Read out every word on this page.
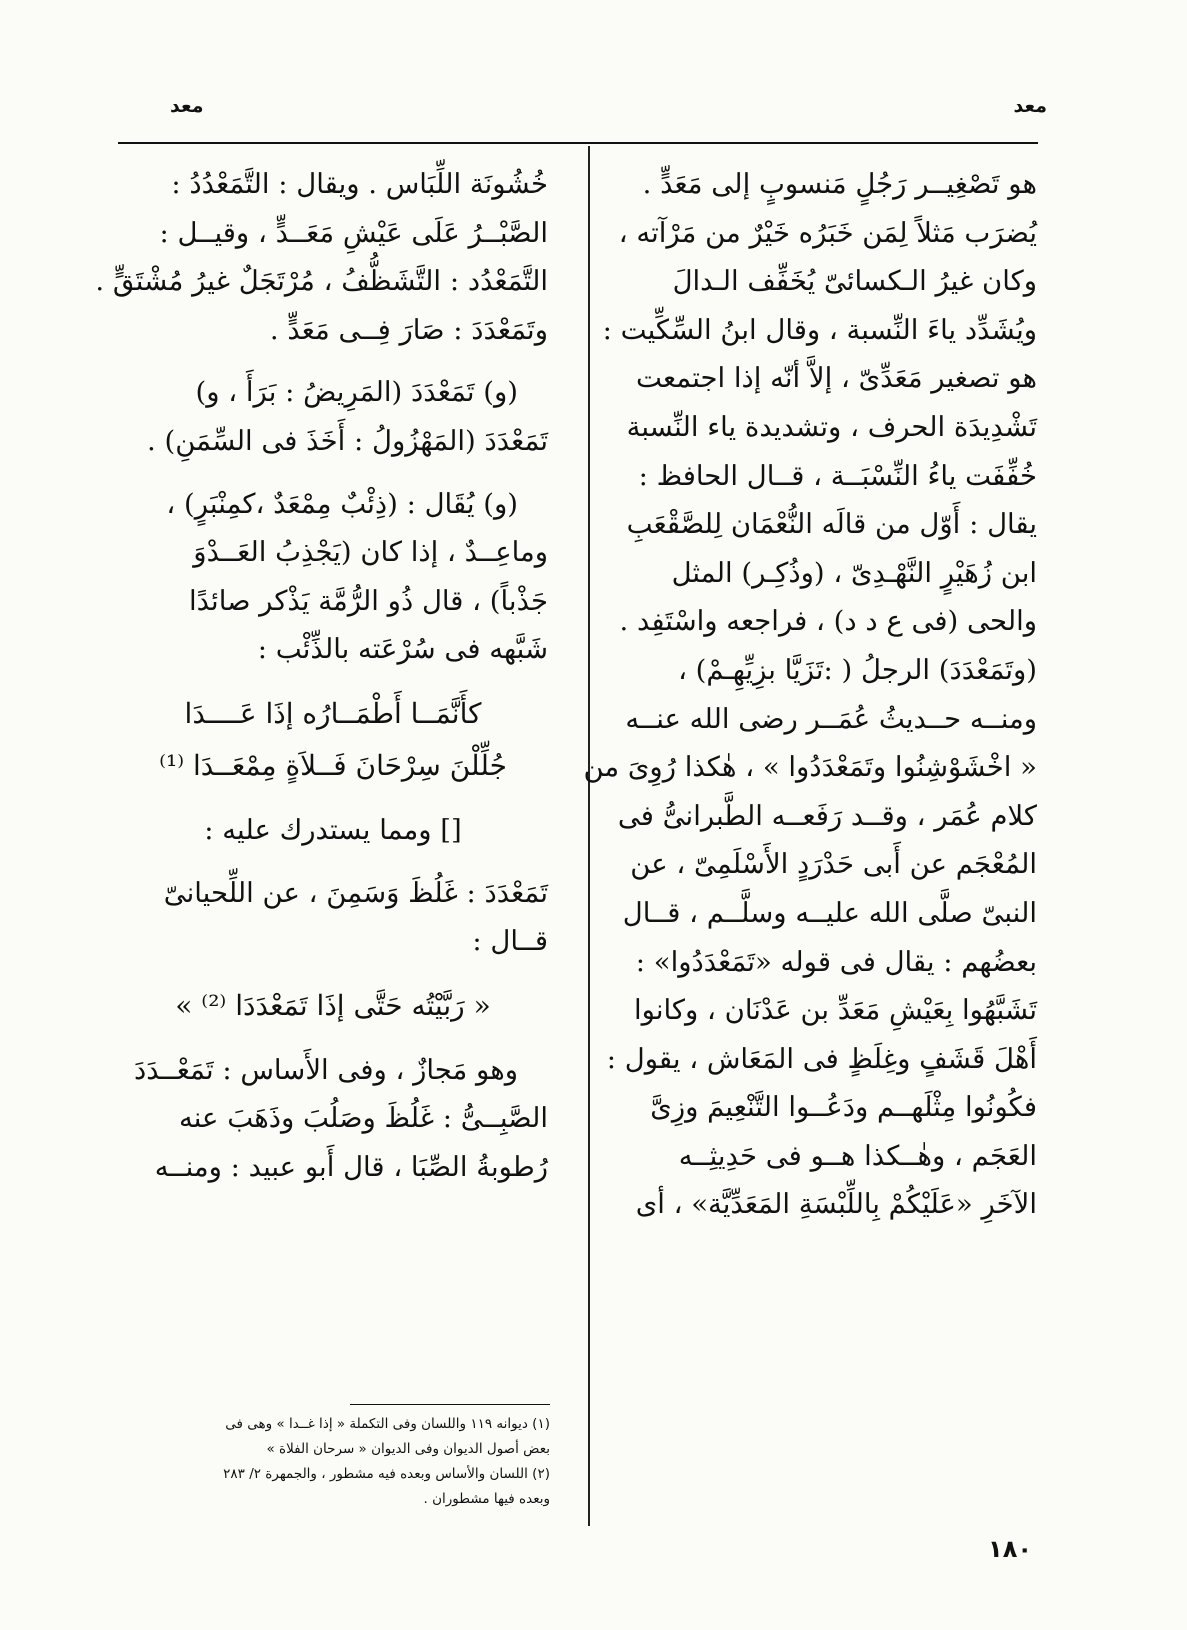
معد
معد

هو تَصْغِيــر رَجُلٍ مَنسوبٍ إلى مَعَدٍّ .

يُضرَب مَثلاً لِمَن خَبَرُه خَيْرٌ من مَرْآته ،

وكان غيرُ الـكسائىّ يُخَفِّف الـدالَ

ويُشَدِّد ياءَ النِّسبة ، وقال ابنُ السِّكِّيت :

هو تصغير مَعَدِّىّ ، إلاَّ أنّه إذا اجتمعت

تَشْدِيدَة الحرف ، وتشديدة ياء النِّسبة

خُفِّفَت ياءُ النِّسْبَــة ، قــال الحافظ :

يقال : أَوّل من قالَه النُّعْمَان لِلصَّقْعَبِ

ابن زُهَيْرٍ النَّهْـدِىّ ، (وذُكِـر) المثل

والحى (فى ع د د) ، فراجعه واسْتَفِد .

(وتَمَعْدَدَ) الرجلُ ( :تَزَيَّا بزِيِّهِـمْ) ،

ومنــه حــديثُ عُمَــر رضى الله عنــه

« اخْشَوْشِنُوا وتَمَعْدَدُوا » ، هٰكذا رُوِىَ من

كلام عُمَر ، وقــد رَفَعــه الطَّبرانىُّ فى

المُعْجَم عن أَبى حَدْرَدٍ الأَسْلَمِىّ ، عن

النبىّ صلَّى الله عليــه وسلَّــم ، قــال

بعضُهم : يقال فى قوله «تَمَعْدَدُوا» :

تَشَبَّهُوا بِعَيْشِ مَعَدِّ بن عَدْنَان ، وكانوا

أَهْلَ قَشَفٍ وغِلَظٍ فى المَعَاش ، يقول :

فكُونُوا مِثْلَهــم ودَعُــوا التَّنْعِيمَ وزِىَّ

العَجَم ، وهٰــكذا هــو فى حَدِيثِــه

الآخَرِ «عَلَيْكُمْ بِاللِّبْسَةِ المَعَدِّيَّة» ، أى

خُشُونَة اللِّبَاس . ويقال : التَّمَعْدُدُ :

الصَّبْــرُ عَلَى عَيْشِ مَعَــدٍّ ، وقيــل :

التَّمَعْدُد : التَّشَظُّفُ ، مُرْتَجَلٌ غيرُ مُشْتَقٍّ .

وتَمَعْدَدَ : صَارَ فِــى مَعَدٍّ .

(و) تَمَعْدَدَ (المَرِيضُ : بَرَأَ ، و)

تَمَعْدَدَ (المَهْزُولُ : أَخَذَ فى السِّمَنِ) .

(و) يُقَال : (ذِئْبٌ مِمْعَدٌ ،كمِنْبَرٍ) ،

وماعِــدٌ ، إذا كان (يَجْذِبُ العَــدْوَ

جَذْباً) ، قال ذُو الرُّمَّة يَذْكر صائدًا

شَبَّهه فى سُرْعَته بالذِّئْب :

كأَنَّمَــا أَطْمَــارُه إذَا عَــــدَا

جُلِّلْنَ سِرْحَانَ فَــلاَةٍ مِمْعَــدَا ⁽¹⁾

[] ومما يستدرك عليه :

تَمَعْدَدَ : غَلُظَ وَسَمِنَ ، عن اللِّحيانىّ

قــال :

« رَبَّيْتُه حَتَّى إذَا تَمَعْدَدَا ⁽²⁾ »

وهو مَجازٌ ، وفى الأَساس : تَمَعْــدَدَ

الصَّبِــىُّ : غَلُظَ وصَلُبَ وذَهَبَ عنه

رُطوبةُ الصِّبَا ، قال أَبو عبيد : ومنــه

(١) ديوانه ١١٩ واللسان وفى التكملة « إذا غــدا » وهى فى
بعض أصول الديوان وفى الديوان « سرحان الفلاة »
(٢) اللسان والأساس وبعده فيه مشطور ، والجمهرة ٢/ ٢٨٣
وبعده فيها مشطوران .
١٨٠
